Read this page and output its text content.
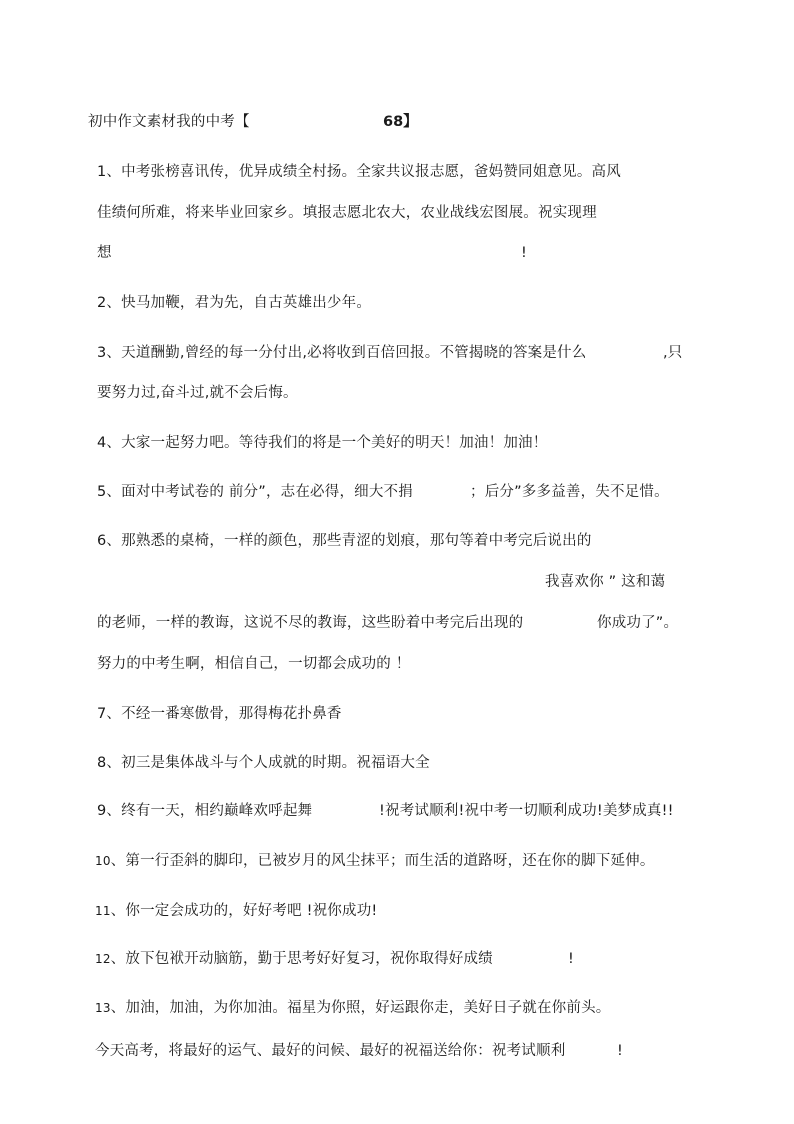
初中作文素材我的中考【	68】
1、中考张榜喜讯传，优异成绩全村扬。全家共议报志愿，爸妈赞同姐意见。高风
佳绩何所难，将来毕业回家乡。填报志愿北农大，农业战线宏图展。祝实现理
想	!
2、快马加鞭，君为先，自古英雄出少年。
3、天道酬勤,曾经的每一分付出,必将收到百倍回报。不管揭晓的答案是什么	,只
要努力过,奋斗过,就不会后悔。
4、大家一起努力吧。等待我们的将是一个美好的明天！加油！加油！
5、面对中考试卷的 前分”，志在必得，细大不捐	；后分”多多益善，失不足惜。
6、那熟悉的桌椅，一样的颜色，那些青涩的划痕，那句等着中考完后说出的
我喜欢你 ” 这和蔼
的老师，一样的教诲，这说不尽的教诲，这些盼着中考完后出现的	你成功了”。
努力的中考生啊，相信自己，一切都会成功的 ！
7、不经一番寒傲骨，那得梅花扑鼻香
8、初三是集体战斗与个人成就的时期。祝福语大全
9、终有一天，相约巅峰欢呼起舞	!祝考试顺利!祝中考一切顺利成功!美梦成真!!
10、第一行歪斜的脚印，已被岁月的风尘抹平；而生活的道路呀，还在你的脚下延伸。
11、你一定会成功的，好好考吧 !祝你成功!
12、放下包袱开动脑筋，勤于思考好好复习，祝你取得好成绩	!
13、加油，加油，为你加油。福星为你照，好运跟你走，美好日子就在你前头。
今天高考，将最好的运气、最好的问候、最好的祝福送给你：祝考试顺利	!
